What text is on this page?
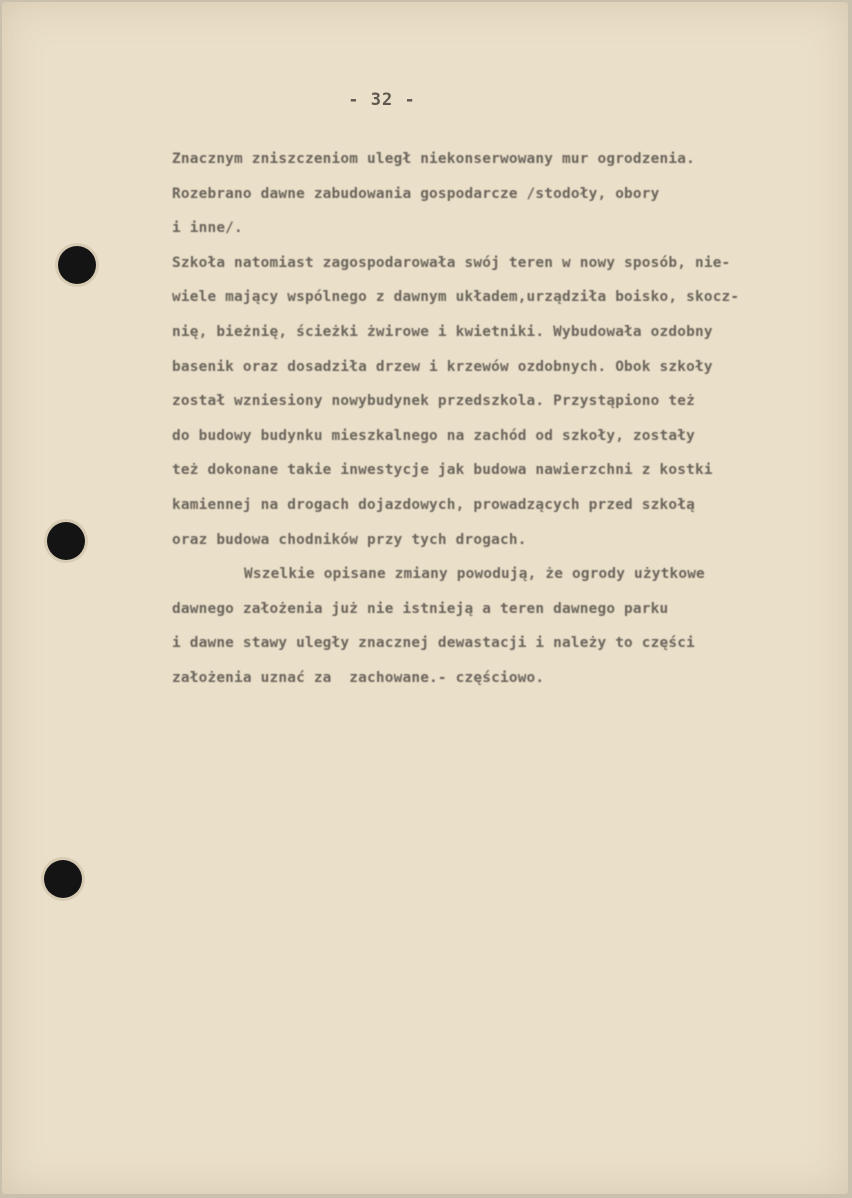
- 32 -
Znacznym zniszczeniom uległ niekonserwowany mur ogrodzenia.
Rozebrano dawne zabudowania gospodarcze /stodoły, obory
i inne/.
Szkoła natomiast zagospodarowała swój teren w nowy sposób, nie-
wiele mający wspólnego z dawnym układem,urządziła boisko, skocz-
nię, bieżnię, ścieżki żwirowe i kwietniki. Wybudowała ozdobny
basenik oraz dosadziła drzew i krzewów ozdobnych. Obok szkoły
został wzniesiony nowybudynek przedszkola. Przystąpiono też
do budowy budynku mieszkalnego na zachód od szkoły, zostały
też dokonane takie inwestycje jak budowa nawierzchni z kostki
kamiennej na drogach dojazdowych, prowadzących przed szkołą
oraz budowa chodników przy tych drogach.
Wszelkie opisane zmiany powodują, że ogrody użytkowe
dawnego założenia już nie istnieją a teren dawnego parku
i dawne stawy uległy znacznej dewastacji i należy to części
założenia uznać za  zachowane.- częściowo.
